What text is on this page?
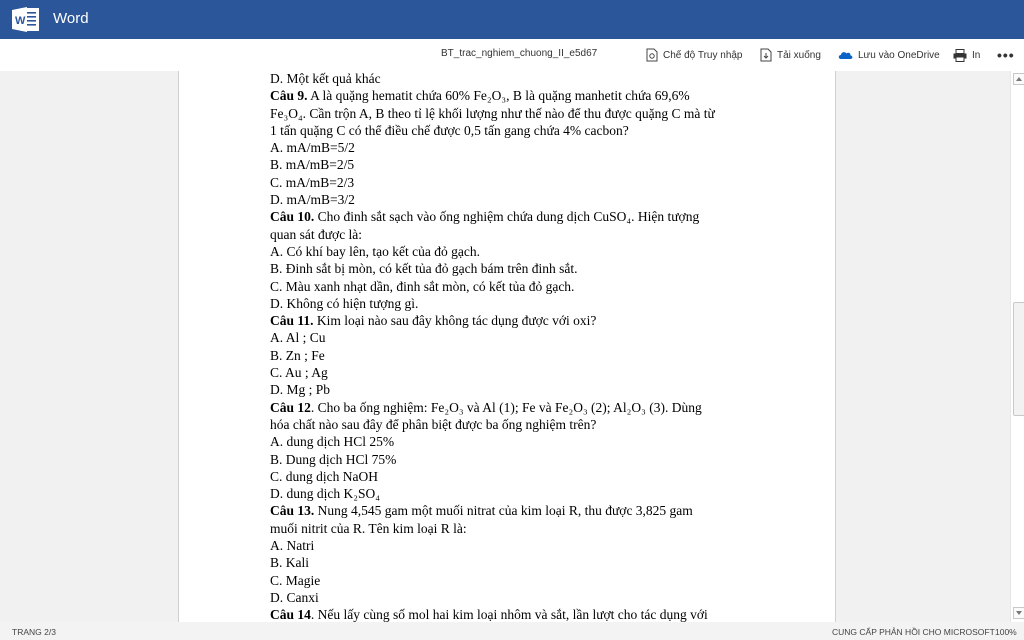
W Word
BT_trac_nghiem_chuong_II_e5d67	Chế độ Truy nhập	Tải xuống	Lưu vào OneDrive	In •••
D. Một kết quả khác
Câu 9. A là quặng hematit chứa 60% Fe₂O₃, B là quặng manhetit chứa 69,6%
Fe₃O₄. Cần trộn A, B theo tỉ lệ khối lượng như thế nào để thu được quặng C mà từ
1 tấn quặng C có thể điều chế được 0,5 tấn gang chứa 4% cacbon?
A. mA/mB=5/2
B. mA/mB=2/5
C. mA/mB=2/3
D. mA/mB=3/2
Câu 10. Cho đinh sắt sạch vào ống nghiệm chứa dung dịch CuSO₄. Hiện tượng
quan sát được là:
A. Có khí bay lên, tạo kết của đỏ gạch.
B. Đinh sắt bị mòn, có kết tủa đỏ gạch bám trên đinh sắt.
C. Màu xanh nhạt dần, đinh sắt mòn, có kết tủa đỏ gạch.
D. Không có hiện tượng gì.
Câu 11. Kim loại nào sau đây không tác dụng được với oxi?
A. Al ; Cu
B. Zn ; Fe
C. Au ; Ag
D. Mg ; Pb
Câu 12. Cho ba ống nghiệm: Fe₂O₃ và Al (1); Fe và Fe₂O₃ (2); Al₂O₃ (3). Dùng
hóa chất nào sau đây để phân biệt được ba ống nghiệm trên?
A. dung dịch HCl 25%
B. Dung dịch HCl 75%
C. dung dịch NaOH
D. dung dịch K₂SO₄
Câu 13. Nung 4,545 gam một muối nitrat của kim loại R, thu được 3,825 gam
muối nitrit của R. Tên kim loại R là:
A. Natri
B. Kali
C. Magie
D. Canxi
Câu 14. Nếu lấy cùng số mol hai kim loại nhôm và sắt, lần lượt cho tác dụng với
TRANG 2/3	CUNG CẤP PHẢN HỒI CHO MICROSOFT 100%
